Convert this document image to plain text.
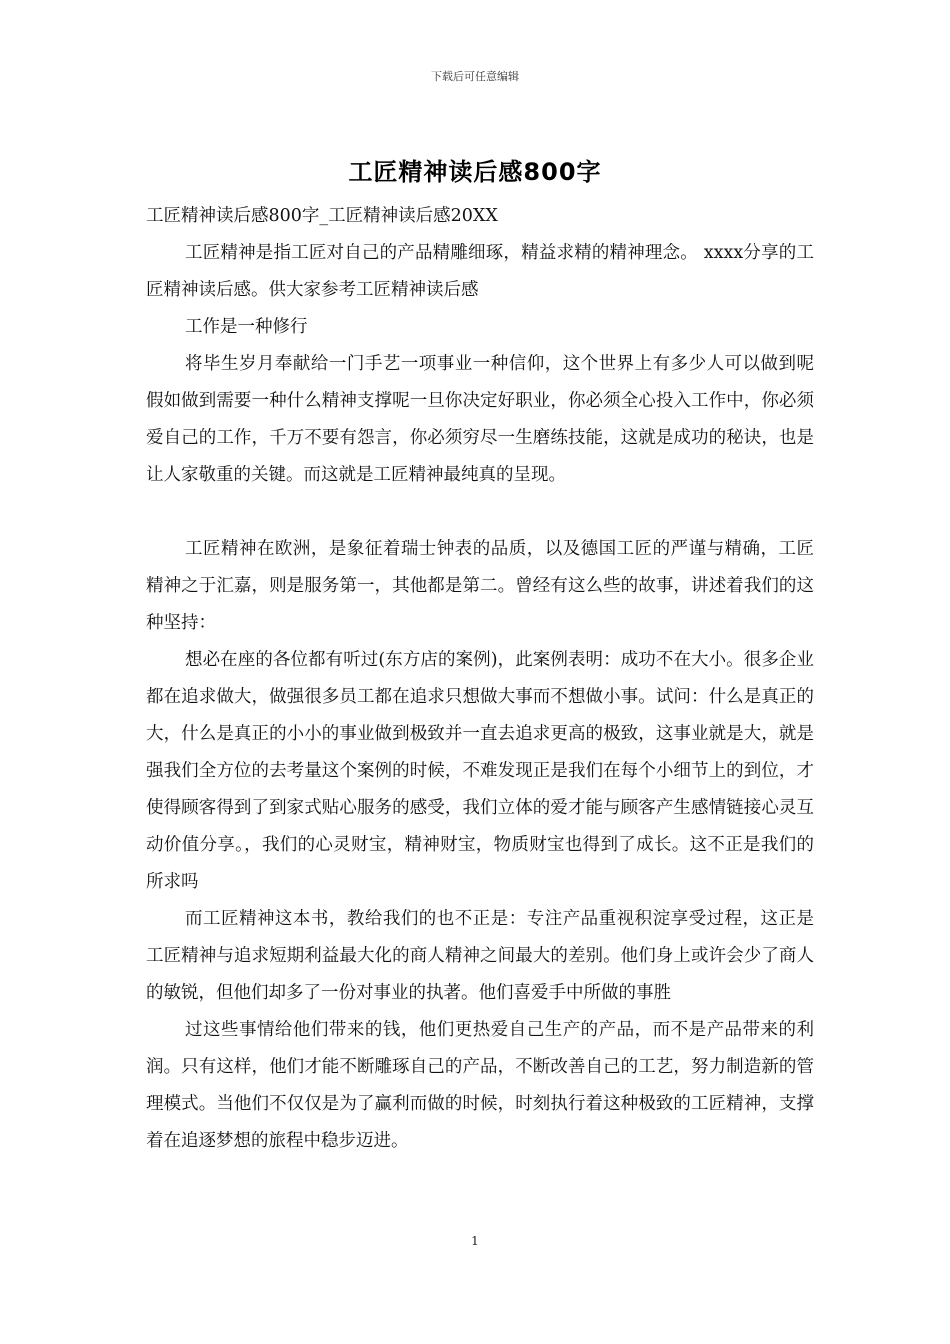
下载后可任意编辑
工匠精神读后感800字

工匠精神读后感800字_工匠精神读后感20XX

工匠精神是指工匠对自己的产品精雕细琢，精益求精的精神理念。 xxxx分享的工匠精神读后感。供大家参考工匠精神读后感

工作是一种修行

将毕生岁月奉献给一门手艺一项事业一种信仰，这个世界上有多少人可以做到呢假如做到需要一种什么精神支撑呢一旦你决定好职业，你必须全心投入工作中，你必须爱自己的工作，千万不要有怨言，你必须穷尽一生磨练技能，这就是成功的秘诀，也是让人家敬重的关键。而这就是工匠精神最纯真的呈现。

工匠精神在欧洲，是象征着瑞士钟表的品质，以及德国工匠的严谨与精确，工匠精神之于汇嘉，则是服务第一，其他都是第二。曾经有这么些的故事，讲述着我们的这种坚持：

想必在座的各位都有听过(东方店的案例)，此案例表明：成功不在大小。很多企业都在追求做大，做强很多员工都在追求只想做大事而不想做小事。试问：什么是真正的大，什么是真正的小小的事业做到极致并一直去追求更高的极致，这事业就是大，就是强我们全方位的去考量这个案例的时候，不难发现正是我们在每个小细节上的到位，才使得顾客得到了到家式贴心服务的感受，我们立体的爱才能与顾客产生感情链接心灵互动价值分享。，我们的心灵财宝，精神财宝，物质财宝也得到了成长。这不正是我们的所求吗

而工匠精神这本书，教给我们的也不正是：专注产品重视积淀享受过程，这正是工匠精神与追求短期利益最大化的商人精神之间最大的差别。他们身上或许会少了商人的敏锐，但他们却多了一份对事业的执著。他们喜爱手中所做的事胜

过这些事情给他们带来的钱，他们更热爱自己生产的产品，而不是产品带来的利润。只有这样，他们才能不断雕琢自己的产品，不断改善自己的工艺，努力制造新的管理模式。当他们不仅仅是为了赢利而做的时候，时刻执行着这种极致的工匠精神，支撑着在追逐梦想的旅程中稳步迈进。

1
